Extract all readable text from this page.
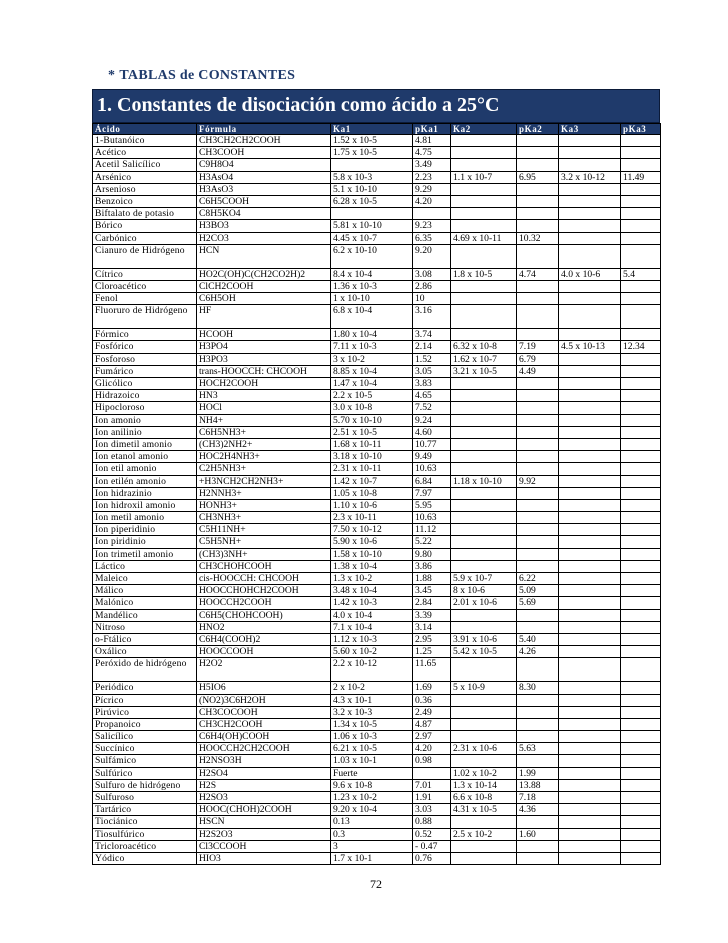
* TABLAS de CONSTANTES
1. Constantes de disociación como ácido a 25°C
Ácido	Fórmula	Ka1	pKa1	Ka2	pKa2	Ka3	pKa3
1-Butanóico	CH3CH2CH2COOH	1.52 x 10-5	4.81				
Acético	CH3COOH	1.75 x 10-5	4.75				
Acetil Salicílico	C9H8O4		3.49				
Arsénico	H3AsO4	5.8 x 10-3	2.23	1.1 x 10-7	6.95	3.2 x 10-12	11.49
Arsenioso	H3AsO3	5.1 x 10-10	9.29				
Benzoico	C6H5COOH	6.28 x 10-5	4.20				
Biftalato de potasio	C8H5KO4						
Bórico	H3BO3	5.81 x 10-10	9.23				
Carbónico	H2CO3	4.45 x 10-7	6.35	4.69 x 10-11	10.32		
Cianuro de Hidrógeno	HCN	6.2 x 10-10	9.20				
Cítrico	HO2C(OH)C(CH2CO2H)2	8.4 x 10-4	3.08	1.8 x 10-5	4.74	4.0 x 10-6	5.4
Cloroacético	ClCH2COOH	1.36 x 10-3	2.86				
Fenol	C6H5OH	1 x 10-10	10				
Fluoruro de Hidrógeno	HF	6.8 x 10-4	3.16				
Fórmico	HCOOH	1.80 x 10-4	3.74				
Fosfórico	H3PO4	7.11 x 10-3	2.14	6.32 x 10-8	7.19	4.5 x 10-13	12.34
Fosforoso	H3PO3	3 x 10-2	1.52	1.62 x 10-7	6.79		
Fumárico	trans-HOOCCH: CHCOOH	8.85 x 10-4	3.05	3.21 x 10-5	4.49		
Glicólico	HOCH2COOH	1.47 x 10-4	3.83				
Hidrazoico	HN3	2.2 x 10-5	4.65				
Hipocloroso	HOCl	3.0 x 10-8	7.52				
Ion amonio	NH4+	5.70 x 10-10	9.24				
Ion anilinio	C6H5NH3+	2.51 x 10-5	4.60				
Ion dimetil amonio	(CH3)2NH2+	1.68 x 10-11	10.77				
Ion etanol amonio	HOC2H4NH3+	3.18 x 10-10	9.49				
Ion etil amonio	C2H5NH3+	2.31 x 10-11	10.63				
Ion etilén amonio	+H3NCH2CH2NH3+	1.42 x 10-7	6.84	1.18 x 10-10	9.92		
Ion hidrazinio	H2NNH3+	1.05 x 10-8	7.97				
Ion hidroxil amonio	HONH3+	1.10 x 10-6	5.95				
Ion metil amonio	CH3NH3+	2.3 x 10-11	10.63				
Ion piperidinio	C5H11NH+	7.50 x 10-12	11.12				
Ion piridinio	C5H5NH+	5.90 x 10-6	5.22				
Ion trimetil amonio	(CH3)3NH+	1.58 x 10-10	9.80				
Láctico	CH3CHOHCOOH	1.38 x 10-4	3.86				
Maleico	cis-HOOCCH: CHCOOH	1.3 x 10-2	1.88	5.9 x 10-7	6.22		
Málico	HOOCCHOHCH2COOH	3.48 x 10-4	3.45	8 x 10-6	5.09		
Malónico	HOOCCH2COOH	1.42 x 10-3	2.84	2.01 x 10-6	5.69		
Mandélico	C6H5(CHOHCOOH)	4.0 x 10-4	3.39				
Nitroso	HNO2	7.1 x 10-4	3.14				
o-Ftálico	C6H4(COOH)2	1.12 x 10-3	2.95	3.91 x 10-6	5.40		
Oxálico	HOOCCOOH	5.60 x 10-2	1.25	5.42 x 10-5	4.26		
Peróxido de hidrógeno	H2O2	2.2 x 10-12	11.65				
Periódico	H5IO6	2 x 10-2	1.69	5 x 10-9	8.30		
Pícrico	(NO2)3C6H2OH	4.3 x 10-1	0.36				
Pirúvico	CH3COCOOH	3.2 x 10-3	2.49				
Propanoico	CH3CH2COOH	1.34 x 10-5	4.87				
Salicílico	C6H4(OH)COOH	1.06 x 10-3	2.97				
Succínico	HOOCCH2CH2COOH	6.21 x 10-5	4.20	2.31 x 10-6	5.63		
Sulfámico	H2NSO3H	1.03 x 10-1	0.98				
Sulfúrico	H2SO4	Fuerte		1.02 x 10-2	1.99		
Sulfuro de hidrógeno	H2S	9.6 x 10-8	7.01	1.3 x 10-14	13.88		
Sulfuroso	H2SO3	1.23 x 10-2	1.91	6.6 x 10-8	7.18		
Tartárico	HOOC(CHOH)2COOH	9.20 x 10-4	3.03	4.31 x 10-5	4.36		
Tiociánico	HSCN	0.13	0.88				
Tiosulfúrico	H2S2O3	0.3	0.52	2.5 x 10-2	1.60		
Tricloroacético	Cl3CCOOH	3	- 0.47				
Yódico	HIO3	1.7 x 10-1	0.76				
72
